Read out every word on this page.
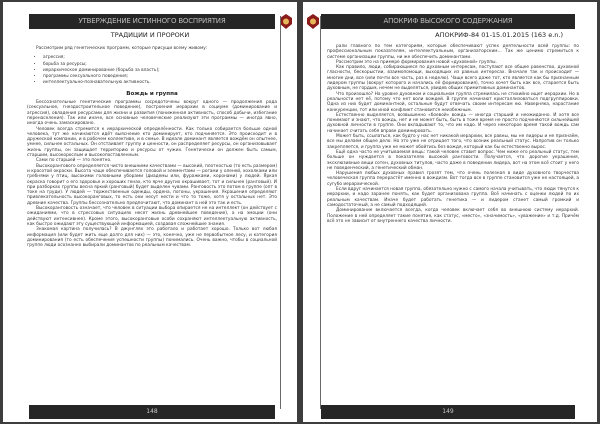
УТВЕРЖДЕНИЕ ИСТИННОГО ВОСПРИЯТИЯ
ТРАДИЦИИ И ПРОРОКИ

Рассмотрим ряд генетических программ, которые присущи всему живому:

• агрессия;
• борьба за ресурсы;
• иерархическое доминирование (борьба за власть);
• программы сексуального поведения;
• интеллектуально-познавательную активность.
Вождь и группа

Бессознательные генетические программы сосредоточены вокруг одного — продолжения рода (сексуальное, гнездостроительное поведение), построения иерархии в социуме (доминирование и агрессия), овладения ресурсами для жизни и развития (пониженная активность, способ добычи, избегание перенаселения). Так или иначе, все основные человеческие реализуют эти программы — иногда явно, иногда очень замаскировано.

Человек всегда стремится к иерархической определённости. Как только собирается больше одной человека, тут же начинаются идёт выяснение кто доминирует, кто подчиняется. Это происходит и в дружеской компании, и в рабочем коллективе, и в семье. В идеале доминант является вождём он опытнее, умнее, сильнее остальных. Он отстаивает группу и ценности, он распределяет ресурсы, он организовывает жизнь группы, он защищает территорию и ресурсы от чужих. Генетически он должен быть самым, старшим, высокорослым и высокопоставленным.

Сами по старшей — это понятно.

Высокорангового определяется чисто внешними качествами — высокий, плотностью (то есть размером) и красотой окраски. Высота чаще обеспечивается головой и элементами — рогами у оленей, хохолками или гребнями у птиц, высокими головными уборами (диадемы или, фуражками, коронами) у людей. Яркая окраска говорит о его здоровье и хороших генах, кто ярче других окрашивает, тот и сильнее (ранговый). И при разборках группы весна яркий (ранговый) будет выделен чувами. Ранговость это потом в группе (опт в токе на груди). У людей — торжественные одежды, ордена, погоны, украшения. Украшения определяют привлекательность высокоранговых, то есть они несут нести и что то тоже, хотя у остальных нет. Это древние качества. Группы бессознательно предпочитают, что доминант в ней это так и есть.

Высокоранговость означает, что человек в ситуации выбора опирается не на интеллект (он действует с ожиданиями, что в стрессовых ситуациях несет жизнь древнейшее поведение), а на эмоции (они действуют интенсивнее). Кроме этого, высокоранговые особи сохраняют интеллектуальную активность, как быстро ожидают эту существующей информацией, создавая сложнейшие знания.

Знакомая картина получилась? В джунглях это работало и работает хорошо. Только вот любая информация (или будет жить еще долго для них) — это, конечно, уже не первобытное лесу, и категория доминирования (то есть обеспечения успешности группы) понимались. Очень важно, чтобы в социальной группе люди осознанно выбирали доминантов по реальным качествам.

148
АПОКРИФ ВЫСОКОГО СОДЕРЖАНИЯ
АПОКРИФ-84 01-15.01.2015 (163 e.n.)

рали главного по тем категориям, которые обеспечивают успех деятельности всей группы: по профессиональным показателям, интеллектуальным, организаторским… Так же ценимо стремиться к системе организации группы, ни же обеспечить доминантами.

Рассмотрим это на примере формирования новой «духовной» группы.

Как правило, люди, собирающиеся по духовным интересам, поступают все общее равенство, духовной гласности, бескорыстии, взаимопомощи, выходящих из равных интересах. Вначале так и происходит — многие дни, все (или почти все часть, раз в неделю). Чаще всего даже тот, кто является как бы признанным лидером группы (вокруг которого и начались её формирования), точно хочет быть как все, старается быть духовным, не гордым, нечем не выделяться, увидев общих примитивных доминантов.

Что произошло? На уровне духовном и социальном группа стремилась не стихийно ищет иерархии. Но в реальности нет её, потому что нет воли вождей. В группе начинают кристаллизоваться подгруппировки. Одна из них будет доминантной, остальные будут отвечать своим интересам ею. Наверняка, нарастание конкуренции, тот или иной конфликт становится неизбежным.

Естественно выделяется, возвышенно «боевой» вождь — иногда старший и неожиданно. И хотя все понимают и знают, что вождь, нет и не может быть, быть в тоже время не просто подчиняются сильнейшей духовной личности в группе. Они вкладывают то, что им надо. И через некоторое время такой вождь сам начинает считать себя вправе доминировать.

Может быть, ссылаться, как будто у нас нет никакой иерархии, все равны, мы не лидеры и не признаём, все мы делаем общее дело. Но это уже не отрицает того, что возник реальный статус. Напротив он только закрепляется, и группа уже не может обойтись без вождя, который как бы естественно вырос.

Ещё одна часто не учитываемая вещь: такой человек ставит вопрос. Чем ниже его реальный статус, тем больше он нуждается в показателях высокой ранговости. Получается, что дорогие украшения, эксклюзивные вещи сотен, духовных титулов, часто даже в поведении лидера, вот на этом всё стоит у него не поведенческий, а генетический обман.

Нарушения любых духовных правил грозят тем, что очень полезная в виде духовного творчества человеческая группа перерастёт именно в вождизм. Вот тогда все в группе становится уже не настоящей, а сугубо иерархической.

Если вдруг начинается новая группа, обязательно нужно с самого начала учитывать, что люди тянутся к иерархии, и надо заранее понять, как будет организована группа. Всё начинать с оценки людей по их реальным качествам. Иначе будет работать генетика — и лидером станет самый громкий и самодостаточный, а не самый подходящий.

Доминирование включается всегда, когда человек включает себя во внешнюю систему иерархий. Положение в ней определяет такие понятия, как статус, «место», «значимость», «уважение» и т.д. Причём всё это не зависит от внутреннего качества личности.

149
